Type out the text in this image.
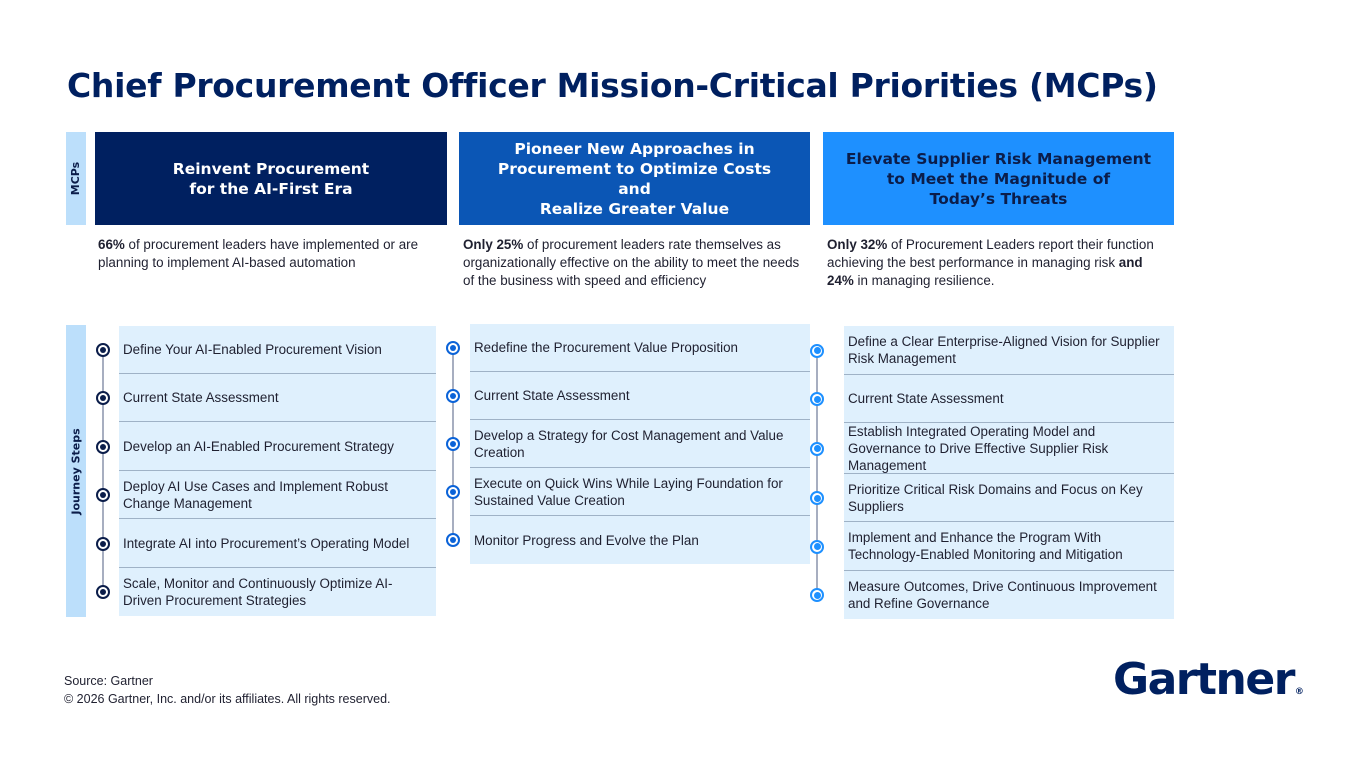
Chief Procurement Officer Mission-Critical Priorities (MCPs)
MCPs
Journey Steps
Reinvent Procurement
for the AI-First Era
66% of procurement leaders have implemented or are planning to implement AI-based automation
Define Your AI-Enabled Procurement Vision
Current State Assessment
Develop an AI-Enabled Procurement Strategy
Deploy AI Use Cases and Implement Robust Change Management
Integrate AI into Procurement’s Operating Model
Scale, Monitor and Continuously Optimize AI-Driven Procurement Strategies
Pioneer New Approaches in
Procurement to Optimize Costs and
Realize Greater Value
Only 25% of procurement leaders rate themselves as organizationally effective on the ability to meet the needs of the business with speed and efficiency
Redefine the Procurement Value Proposition
Current State Assessment
Develop a Strategy for Cost Management and Value Creation
Execute on Quick Wins While Laying Foundation for Sustained Value Creation
Monitor Progress and Evolve the Plan
Elevate Supplier Risk Management
to Meet the Magnitude of
Today’s Threats
Only 32% of Procurement Leaders report their function achieving the best performance in managing risk and 24% in managing resilience.
Define a Clear Enterprise-Aligned Vision for Supplier Risk Management
Current State Assessment
Establish Integrated Operating Model and Governance to Drive Effective Supplier Risk Management
Prioritize Critical Risk Domains and Focus on Key Suppliers
Implement and Enhance the Program With Technology-Enabled Monitoring and Mitigation
Measure Outcomes, Drive Continuous Improvement and Refine Governance
Source: Gartner
© 2026 Gartner, Inc. and/or its affiliates. All rights reserved.	Gartner®
